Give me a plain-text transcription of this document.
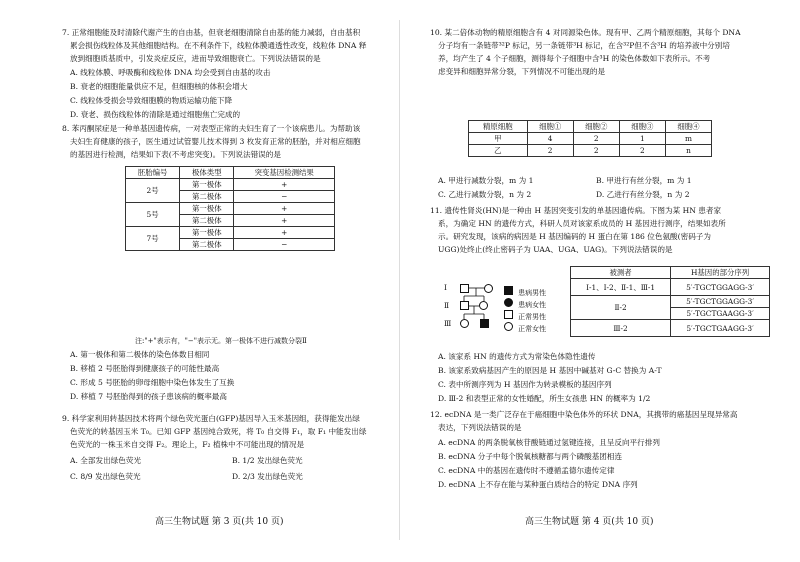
7. 正常细胞能及时清除代谢产生的自由基，但衰老细胞清除自由基的能力减弱，自由基积
累会损伤线粒体及其他细胞结构。在不利条件下，线粒体膜通透性改变，线粒体 DNA 释
放到细胞质基质中，引发炎症反应，进而导致细胞衰亡。下列说法错误的是
A. 线粒体膜、呼吸酶和线粒体 DNA 均会受到自由基的攻击
B. 衰老的细胞能量供应不足，但细胞核的体积会增大
C. 线粒体受损会导致细胞膜的物质运输功能下降
D. 衰老、损伤线粒体的清除是通过细胞焦亡完成的
8. 苯丙酮尿症是一种单基因遗传病，一对表型正常的夫妇生育了一个该病患儿。为帮助该
夫妇生育健康的孩子，医生通过试管婴儿技术得到 3 枚发育正常的胚胎，并对相应细胞
的基因进行检测，结果如下表(不考虑突变)。下列说法错误的是
胚胎编号	极体类型	突变基因检测结果
2号	第一极体	+
	第二极体	−
5号	第一极体	+
	第二极体	+
7号	第一极体	+
	第二极体	−
注:"+"表示有，"−"表示无。第一极体不进行减数分裂Ⅱ
A. 第一极体和第二极体的染色体数目相同
B. 移植 2 号胚胎得到健康孩子的可能性最高
C. 形成 5 号胚胎的卵母细胞中染色体发生了互换
D. 移植 7 号胚胎得到的孩子患该病的概率最高
9. 科学家利用转基因技术将两个绿色荧光蛋白(GFP)基因导入玉米基因组，获得能发出绿
色荧光的转基因玉米 T₀。已知 GFP 基因纯合致死，将 T₀ 自交得 F₁，取 F₁ 中能发出绿
色荧光的一株玉米自交得 F₂。理论上，F₂ 植株中不可能出现的情况是
A. 全部发出绿色荧光	B. 1/2 发出绿色荧光
C. 8/9 发出绿色荧光	D. 2/3 发出绿色荧光
高三生物试题 第 3 页(共 10 页)
10. 某二倍体动物的精原细胞含有 4 对同源染色体。现有甲、乙两个精原细胞，其每个 DNA
分子均有一条链带³²P 标记，另一条链带³H 标记，在含³²P但不含³H 的培养液中分别培
养，均产生了 4 个子细胞，测得每个子细胞中含³H 的染色体数如下表所示。不考
虑变异和细胞异常分裂，下列情况不可能出现的是
精原细胞	细胞①	细胞②	细胞③	细胞④
甲	4	2	1	m
乙	2	2	2	n
A. 甲进行减数分裂，m 为 1	B. 甲进行有丝分裂，m 为 1
C. 乙进行减数分裂，n 为 2	D. 乙进行有丝分裂，n 为 2
11. 遗传性肾炎(HN)是一种由 H 基因突变引发的单基因遗传病。下图为某 HN 患者家
系，为确定 HN 的遗传方式，科研人员对该家系成员的 H 基因进行测序，结果如表所
示。研究发现，该病的病因是 H 基因编码的 H 蛋白在第 186 位色氨酸(密码子为
UGG)处终止(终止密码子为 UAA、UGA、UAG)。下列说法错误的是
Ⅰ
Ⅱ
Ⅲ
患病男性
患病女性
正常男性
正常女性
被测者	H基因的部分序列
Ⅰ-1、Ⅰ-2、Ⅱ-1、Ⅲ-1	5′-TGCTGGAGG-3′
Ⅱ-2	5′-TGCTGGAGG-3′
	5′-TGCTGAAGG-3′
Ⅲ-2	5′-TGCTGAAGG-3′
A. 该家系 HN 的遗传方式为常染色体隐性遗传
B. 该家系致病基因产生的原因是 H 基因中碱基对 G-C 替换为 A-T
C. 表中所测序列为 H 基因作为转录模板的基因序列
D. Ⅲ-2 和表型正常的女性婚配，所生女孩患 HN 的概率为 1/2
12. ecDNA 是一类广泛存在于癌细胞中染色体外的环状 DNA，其携带的癌基因呈现异常高
表达，下列说法错误的是
A. ecDNA 的两条脱氧核苷酸链通过氢键连接，且呈反向平行排列
B. ecDNA 分子中每个脱氧核糖都与两个磷酸基团相连
C. ecDNA 中的基因在遗传时不遵循孟德尔遗传定律
D. ecDNA 上不存在能与某种蛋白质结合的特定 DNA 序列
高三生物试题 第 4 页(共 10 页)
